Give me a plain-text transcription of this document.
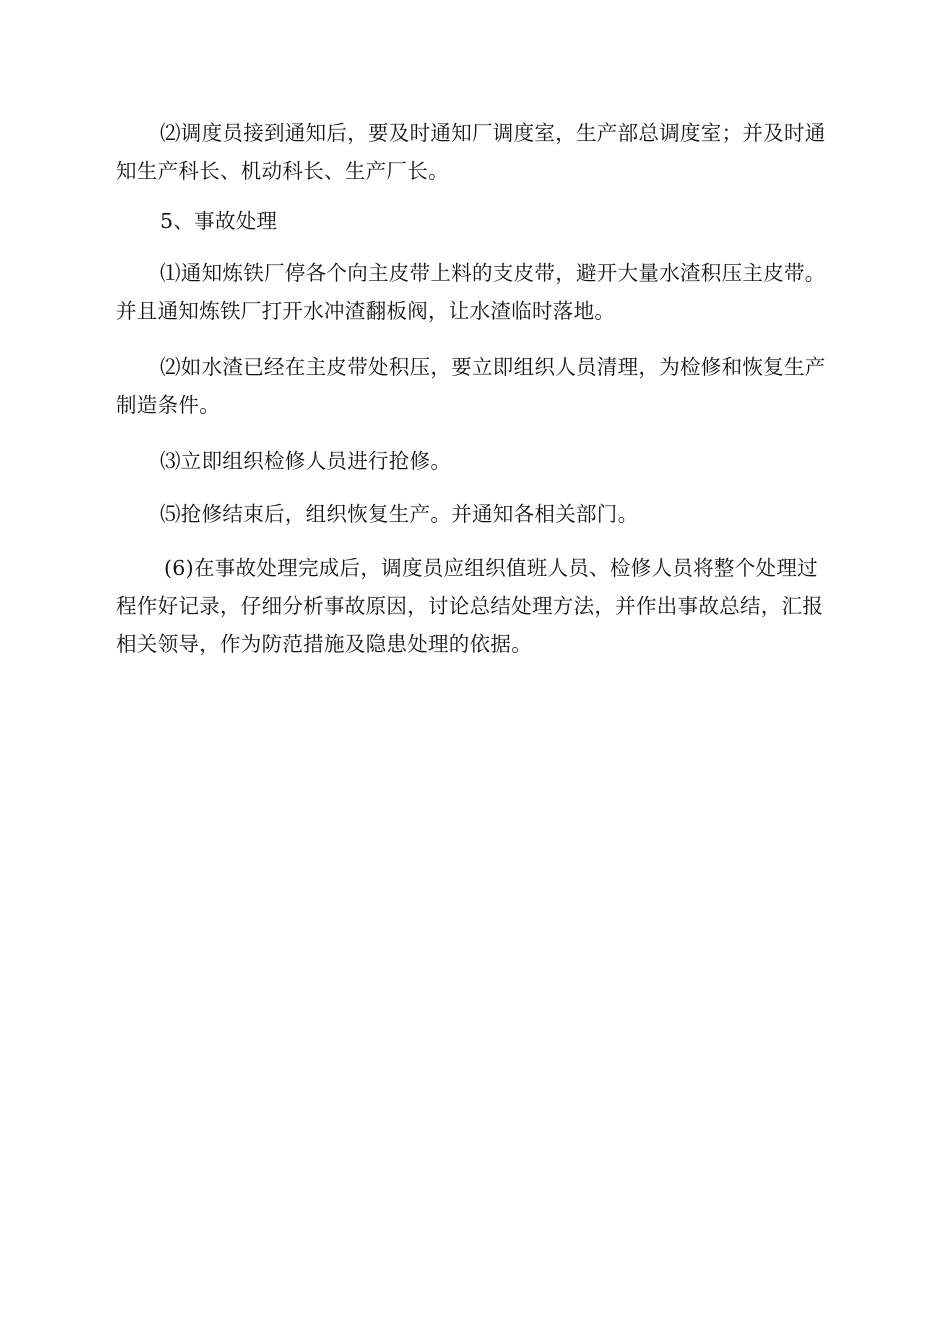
⑵调度员接到通知后，要及时通知厂调度室，生产部总调度室；并及时通知生产科长、机动科长、生产厂长。

5、事故处理

⑴通知炼铁厂停各个向主皮带上料的支皮带，避开大量水渣积压主皮带。并且通知炼铁厂打开水冲渣翻板阀，让水渣临时落地。

⑵如水渣已经在主皮带处积压，要立即组织人员清理，为检修和恢复生产制造条件。

⑶立即组织检修人员进行抢修。

⑸抢修结束后，组织恢复生产。并通知各相关部门。

(6)在事故处理完成后，调度员应组织值班人员、检修人员将整个处理过程作好记录，仔细分析事故原因，讨论总结处理方法，并作出事故总结，汇报相关领导，作为防范措施及隐患处理的依据。
